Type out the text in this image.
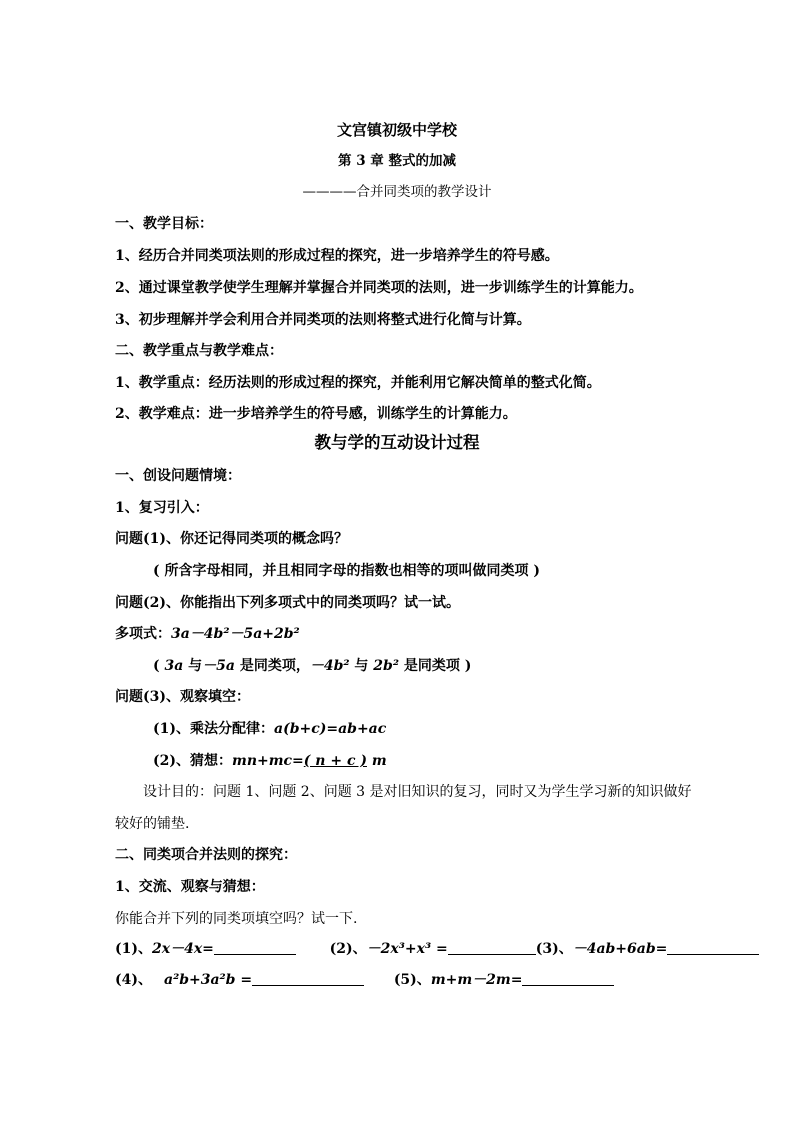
文宫镇初级中学校
第 3 章 整式的加减
————合并同类项的教学设计
一、教学目标：
1、经历合并同类项法则的形成过程的探究，进一步培养学生的符号感。
2、通过课堂教学使学生理解并掌握合并同类项的法则，进一步训练学生的计算能力。
3、初步理解并学会利用合并同类项的法则将整式进行化简与计算。
二、教学重点与教学难点：
1、教学重点：经历法则的形成过程的探究，并能利用它解决简单的整式化简。
2、教学难点：进一步培养学生的符号感，训练学生的计算能力。
教与学的互动设计过程
一、创设问题情境：
1、复习引入：
问题(1)、你还记得同类项的概念吗？
( 所含字母相同，并且相同字母的指数也相等的项叫做同类项 )
问题(2)、你能指出下列多项式中的同类项吗？试一试。
多项式：3a－4b²－5a+2b²
( 3a 与－5a 是同类项，－4b² 与 2b² 是同类项 )
问题(3)、观察填空：
(1)、乘法分配律：a(b+c)=ab+ac
(2)、猜想：mn+mc=( n + c ) m
设计目的：问题 1、问题 2、问题 3 是对旧知识的复习，同时又为学生学习新的知识做好
较好的铺垫.
二、同类项合并法则的探究：
1、交流、观察与猜想：
你能合并下列的同类项填空吗？试一下.
(1)、2x－4x=	(2)、－2x³+x³ =	(3)、－4ab+6ab=
(4)、 a²b+3a²b =	(5)、m+m－2m=
